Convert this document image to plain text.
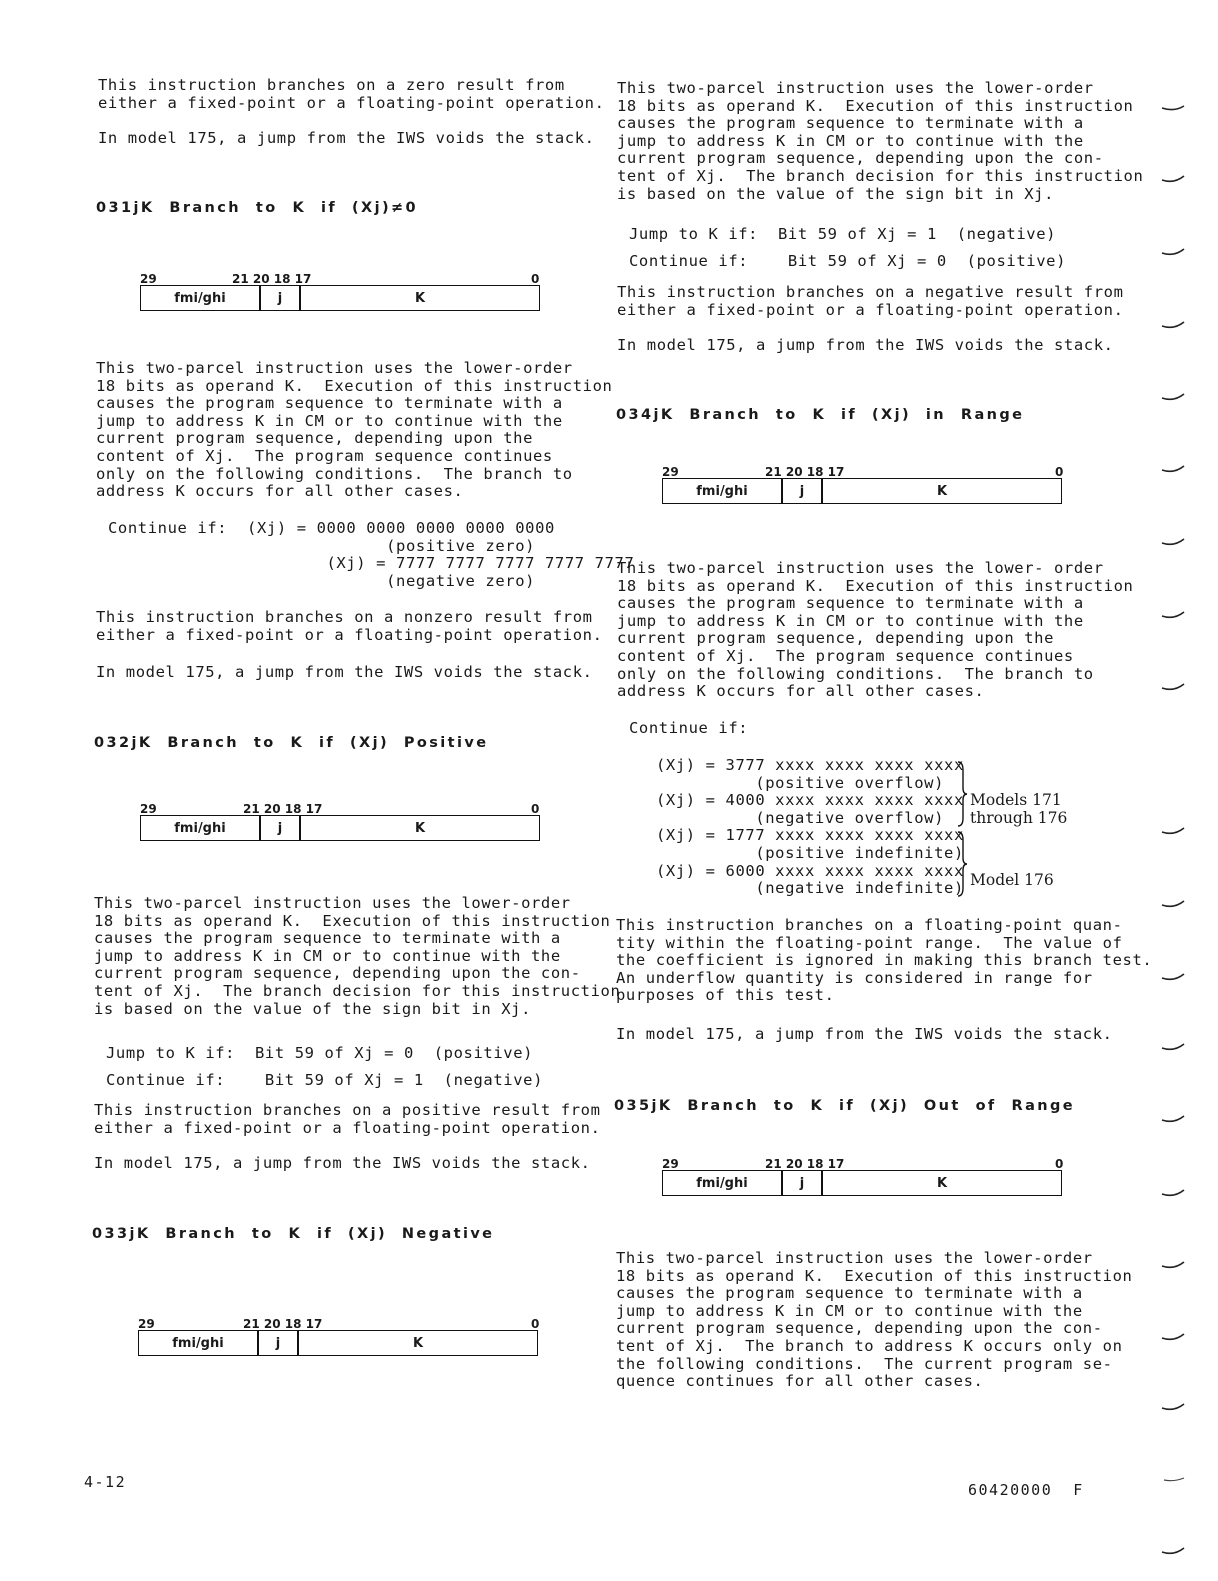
This instruction branches on a zero result from
either a fixed-point or a floating-point operation.
In model 175, a jump from the IWS voids the stack.
031jK  Branch  to  K  if  (Xj)≠0
29	21 20 18 17	0
fmi/ghi	j	K
This two-parcel instruction uses the lower-order
18 bits as operand K.  Execution of this instruction
causes the program sequence to terminate with a
jump to address K in CM or to continue with the
current program sequence, depending upon the
content of Xj.  The program sequence continues
only on the following conditions.  The branch to
address K occurs for all other cases.
Continue if:  (Xj) = 0000 0000 0000 0000 0000
(positive zero)
(Xj) = 7777 7777 7777 7777 7777
(negative zero)
This instruction branches on a nonzero result from
either a fixed-point or a floating-point operation.
In model 175, a jump from the IWS voids the stack.
032jK  Branch  to  K  if  (Xj)  Positive
29	21 20 18 17	0
fmi/ghi	j	K
This two-parcel instruction uses the lower-order
18 bits as operand K.  Execution of this instruction
causes the program sequence to terminate with a
jump to address K in CM or to continue with the
current program sequence, depending upon the con-
tent of Xj.  The branch decision for this instruction
is based on the value of the sign bit in Xj.
Jump to K if:  Bit 59 of Xj = 0  (positive)
Continue if:    Bit 59 of Xj = 1  (negative)
This instruction branches on a positive result from
either a fixed-point or a floating-point operation.
In model 175, a jump from the IWS voids the stack.
033jK  Branch  to  K  if  (Xj)  Negative
29	21 20 18 17	0
fmi/ghi	j	K
4-12
This two-parcel instruction uses the lower-order
18 bits as operand K.  Execution of this instruction
causes the program sequence to terminate with a
jump to address K in CM or to continue with the
current program sequence, depending upon the con-
tent of Xj.  The branch decision for this instruction
is based on the value of the sign bit in Xj.
Jump to K if:  Bit 59 of Xj = 1  (negative)
Continue if:    Bit 59 of Xj = 0  (positive)
This instruction branches on a negative result from
either a fixed-point or a floating-point operation.
In model 175, a jump from the IWS voids the stack.
034jK  Branch  to  K  if  (Xj)  in  Range
29	21 20 18 17	0
fmi/ghi	j	K
This two-parcel instruction uses the lower- order
18 bits as operand K.  Execution of this instruction
causes the program sequence to terminate with a
jump to address K in CM or to continue with the
current program sequence, depending upon the
content of Xj.  The program sequence continues
only on the following conditions.  The branch to
address K occurs for all other cases.
Continue if:
(Xj) = 3777 xxxx xxxx xxxx xxxx
(positive overflow)
(Xj) = 4000 xxxx xxxx xxxx xxxx
(negative overflow)
(Xj) = 1777 xxxx xxxx xxxx xxxx
(positive indefinite)
(Xj) = 6000 xxxx xxxx xxxx xxxx
(negative indefinite)
Models 171
through 176
Model 176
This instruction branches on a floating-point quan-
tity within the floating-point range.  The value of
the coefficient is ignored in making this branch test.
An underflow quantity is considered in range for
purposes of this test.
In model 175, a jump from the IWS voids the stack.
035jK  Branch  to  K  if  (Xj)  Out  of  Range
29	21 20 18 17	0
fmi/ghi	j	K
This two-parcel instruction uses the lower-order
18 bits as operand K.  Execution of this instruction
causes the program sequence to terminate with a
jump to address K in CM or to continue with the
current program sequence, depending upon the con-
tent of Xj.  The branch to address K occurs only on
the following conditions.  The current program se-
quence continues for all other cases.
60420000  F
